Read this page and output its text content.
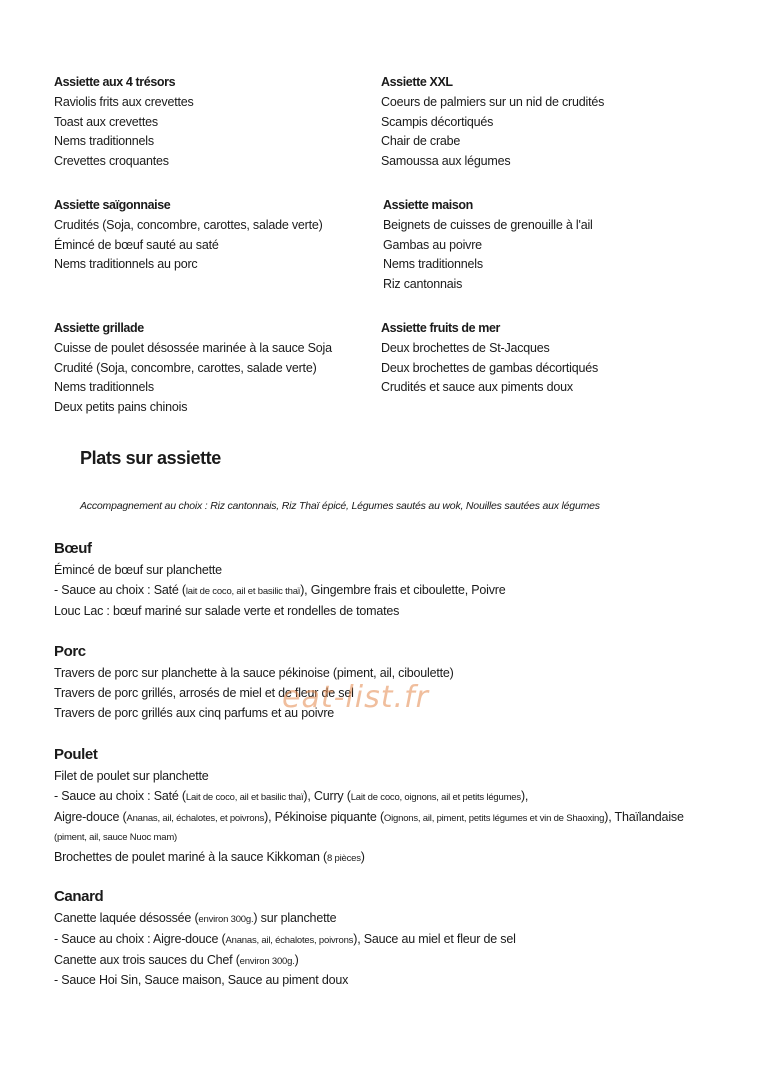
Assiette aux 4 trésors
Raviolis frits aux crevettes
Toast aux crevettes
Nems traditionnels
Crevettes croquantes
Assiette XXL
Coeurs de palmiers sur un nid de crudités
Scampis décortiqués
Chair de crabe
Samoussa aux légumes
Assiette saïgonnaise
Crudités (Soja, concombre, carottes, salade verte)
Émincé de bœuf sauté au saté
Nems traditionnels au porc
Assiette maison
Beignets de cuisses de grenouille à l'ail
Gambas au poivre
Nems traditionnels
Riz cantonnais
Assiette grillade
Cuisse de poulet désossée marinée à la sauce Soja
Crudité (Soja, concombre, carottes, salade verte)
Nems traditionnels
Deux petits pains chinois
Assiette fruits de mer
Deux brochettes de St-Jacques
Deux brochettes de gambas décortiqués
Crudités et sauce aux piments doux
Plats sur assiette
Accompagnement au choix : Riz cantonnais, Riz Thaï épicé, Légumes sautés au wok, Nouilles sautées aux légumes
Bœuf
Émincé de bœuf sur planchette
- Sauce au choix : Saté (lait de coco, ail et basilic thaï), Gingembre frais et ciboulette, Poivre
Louc Lac : bœuf mariné sur salade verte et rondelles de tomates
Porc
Travers de porc sur planchette à la sauce pékinoise (piment, ail, ciboulette)
Travers de porc grillés, arrosés de miel et de fleur de sel
Travers de porc grillés aux cinq parfums et au poivre
Poulet
Filet de poulet sur planchette
- Sauce au choix : Saté (Lait de coco, ail et basilic thaï), Curry (Lait de coco, oignons, ail et petits légumes),
Aigre-douce (Ananas, ail, échalotes, et poivrons), Pékinoise piquante (Oignons, ail, piment, petits légumes et vin de Shaoxing), Thaïlandaise
(piment, ail, sauce Nuoc mam)
Brochettes de poulet mariné à la sauce Kikkoman (8 pièces)
Canard
Canette laquée désossée (environ 300g.) sur planchette
- Sauce au choix : Aigre-douce (Ananas, ail, échalotes, poivrons), Sauce au miel et fleur de sel
Canette aux trois sauces du Chef (environ 300g.)
- Sauce Hoi Sin, Sauce maison, Sauce au piment doux
eat-list.fr
